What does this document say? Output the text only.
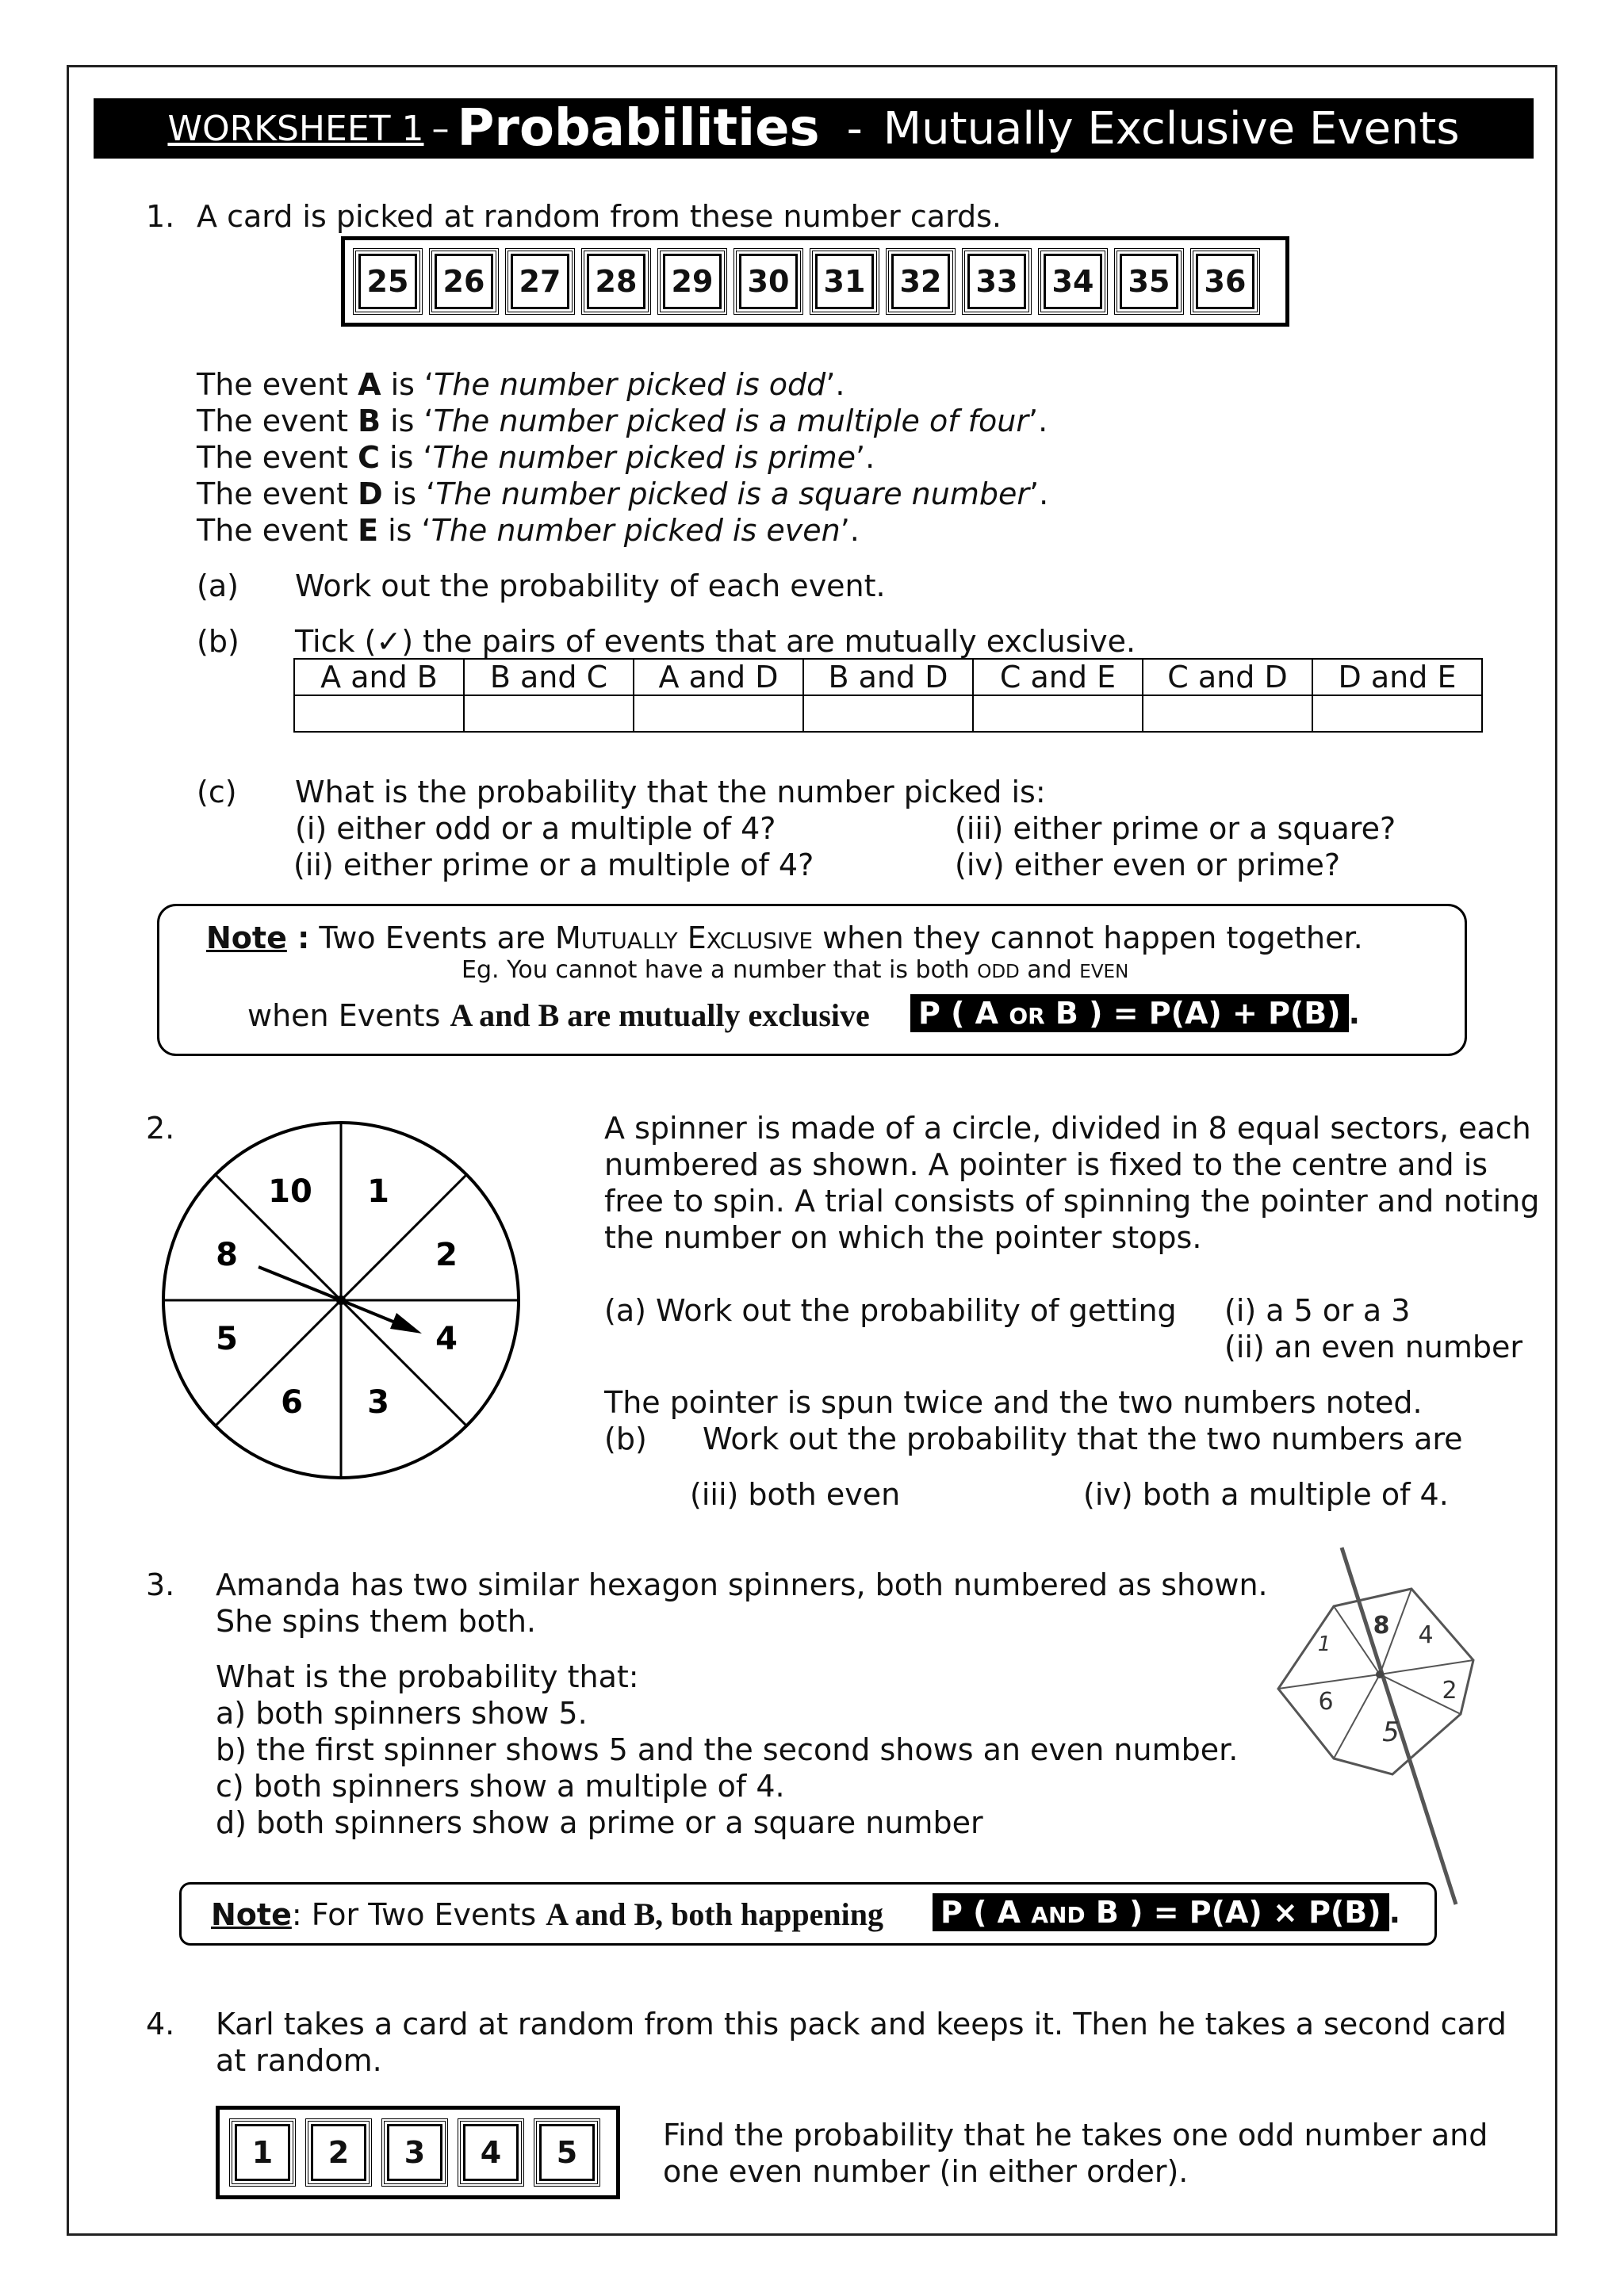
WORKSHEET 1 – Probabilities - Mutually Exclusive Events
1. A card is picked at random from these number cards.
25	26	27	28	29	30	31	32	33	34	35	36
The event A is ‘The number picked is odd’.
The event B is ‘The number picked is a multiple of four’.
The event C is ‘The number picked is prime’.
The event D is ‘The number picked is a square number’.
The event E is ‘The number picked is even’.
(a) Work out the probability of each event.
(b) Tick (✓) the pairs of events that are mutually exclusive.
A and B	B and C	A and D	B and D	C and E	C and D	D and E

(c) What is the probability that the number picked is:
(i) either odd or a multiple of 4?
(ii) either prime or a multiple of 4?
(iii) either prime or a square?
(iv) either even or prime?
Note : Two Events are MUTUALLY EXCLUSIVE when they cannot happen together.
Eg. You cannot have a number that is both ODD and EVEN
when Events A and B are mutually exclusive P ( A OR B ) = P(A) + P(B) .
2.
1
2
4
3
6
5
8
10
A spinner is made of a circle, divided in 8 equal sectors, each
numbered as shown. A pointer is fixed to the centre and is
free to spin. A trial consists of spinning the pointer and noting
the number on which the pointer stops.
(a) Work out the probability of getting (i) a 5 or a 3
(ii) an even number
The pointer is spun twice and the two numbers noted.
(b) Work out the probability that the two numbers are
(iii) both even	(iv) both a multiple of 4.
3. Amanda has two similar hexagon spinners, both numbered as shown.
She spins them both.
What is the probability that:
a) both spinners show 5.
b) the first spinner shows 5 and the second shows an even number.
c) both spinners show a multiple of 4.
d) both spinners show a prime or a square number
8 4
2
5
6
1
Note: For Two Events A and B, both happening P ( A AND B ) = P(A) × P(B) .
4. Karl takes a card at random from this pack and keeps it. Then he takes a second card
at random.
1	2	3	4	5	Find the probability that he takes one odd number and
one even number (in either order).
